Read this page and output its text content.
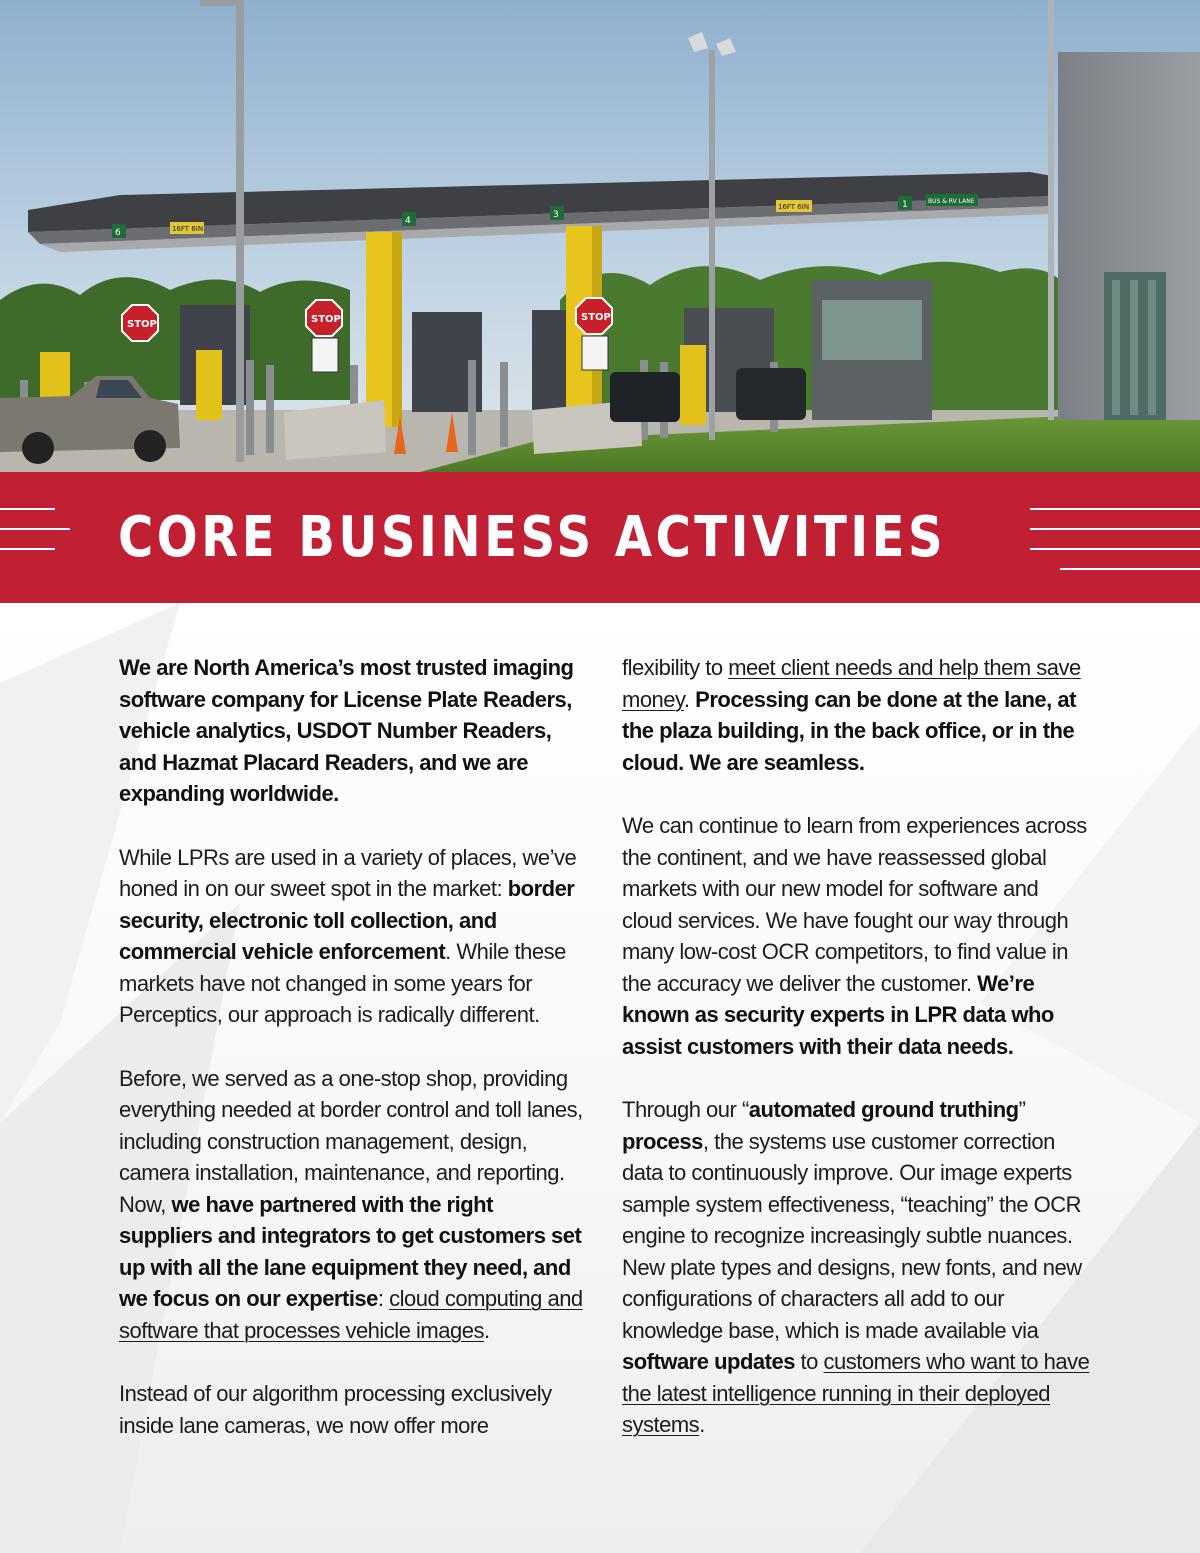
6	16FT 6IN
4
3
16FT 6IN	1	BUS & RV LANE
STOP	STOP	STOP
CORE BUSINESS ACTIVITIES

We are North America’s most trusted imaging software company for License Plate Readers, vehicle analytics, USDOT Number Readers, and Hazmat Placard Readers, and we are expanding worldwide.

While LPRs are used in a variety of places, we’ve honed in on our sweet spot in the market: border security, electronic toll collection, and commercial vehicle enforcement. While these markets have not changed in some years for Perceptics, our approach is radically different.

Before, we served as a one-stop shop, providing everything needed at border control and toll lanes, including construction management, design, camera installation, maintenance, and reporting. Now, we have partnered with the right suppliers and integrators to get customers set up with all the lane equipment they need, and we focus on our expertise: cloud computing and software that processes vehicle images.

Instead of our algorithm processing exclusively inside lane cameras, we now offer more

flexibility to meet client needs and help them save money. Processing can be done at the lane, at the plaza building, in the back office, or in the cloud. We are seamless.

We can continue to learn from experiences across the continent, and we have reassessed global markets with our new model for software and cloud services. We have fought our way through many low-cost OCR competitors, to find value in the accuracy we deliver the customer. We’re known as security experts in LPR data who assist customers with their data needs.

Through our “automated ground truthing” process, the systems use customer correction data to continuously improve. Our image experts sample system effectiveness, “teaching” the OCR engine to recognize increasingly subtle nuances. New plate types and designs, new fonts, and new configurations of characters all add to our knowledge base, which is made available via software updates to customers who want to have the latest intelligence running in their deployed systems.
